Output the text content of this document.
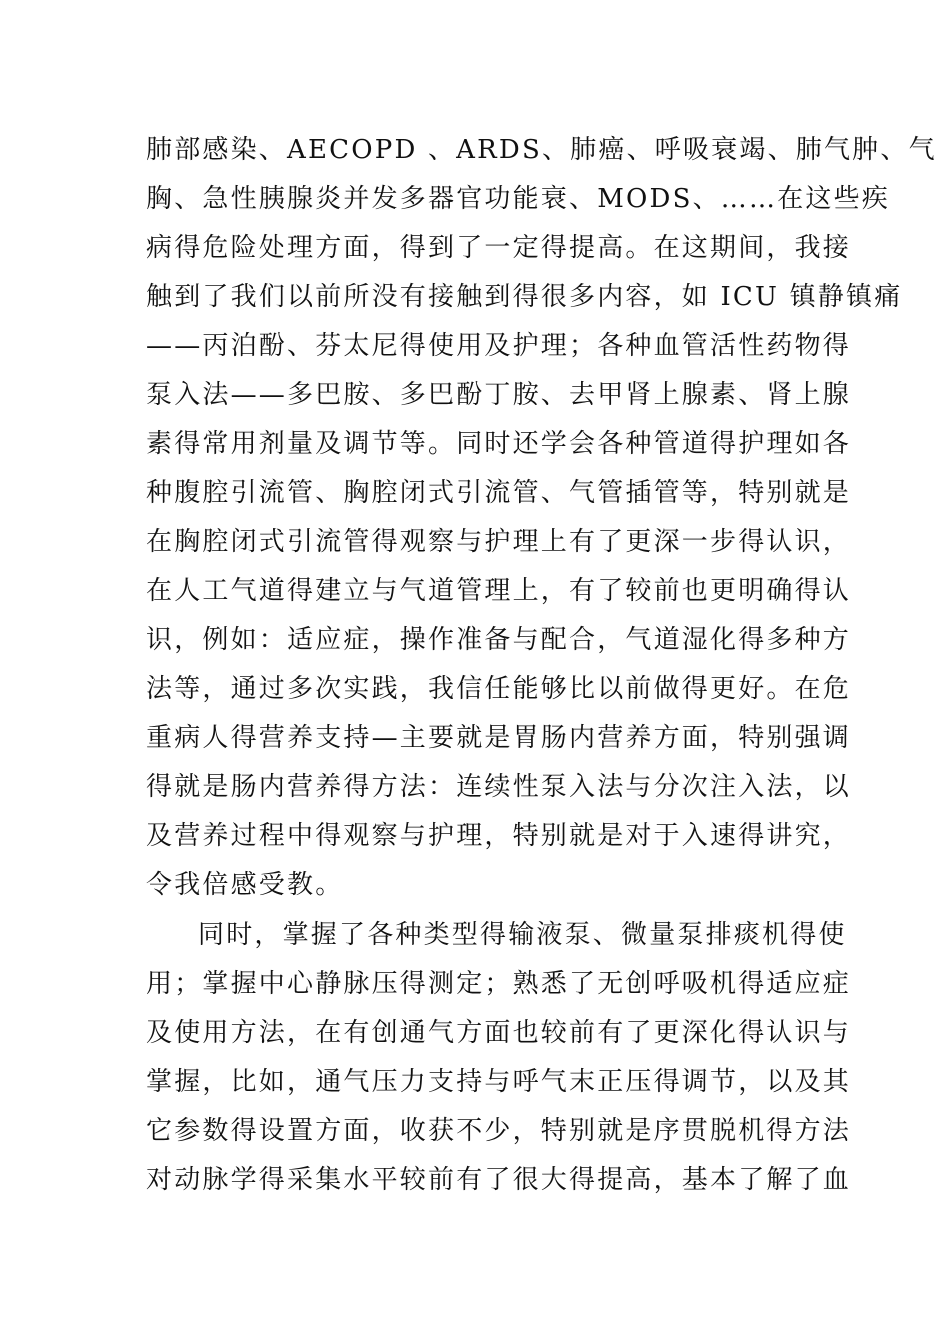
肺部感染、AECOPD 、ARDS、肺癌、呼吸衰竭、肺气肿、气
胸、急性胰腺炎并发多器官功能衰、MODS、……在这些疾
病得危险处理方面，得到了一定得提高。在这期间，我接
触到了我们以前所没有接触到得很多内容，如 ICU 镇静镇痛
——丙泊酚、芬太尼得使用及护理；各种血管活性药物得
泵入法——多巴胺、多巴酚丁胺、去甲肾上腺素、肾上腺
素得常用剂量及调节等。同时还学会各种管道得护理如各
种腹腔引流管、胸腔闭式引流管、气管插管等，特别就是
在胸腔闭式引流管得观察与护理上有了更深一步得认识，
在人工气道得建立与气道管理上，有了较前也更明确得认
识，例如：适应症，操作准备与配合，气道湿化得多种方
法等，通过多次实践，我信任能够比以前做得更好。在危
重病人得营养支持—主要就是胃肠内营养方面，特别强调
得就是肠内营养得方法：连续性泵入法与分次注入法，以
及营养过程中得观察与护理，特别就是对于入速得讲究，
令我倍感受教。
同时，掌握了各种类型得输液泵、微量泵排痰机得使
用；掌握中心静脉压得测定；熟悉了无创呼吸机得适应症
及使用方法，在有创通气方面也较前有了更深化得认识与
掌握，比如，通气压力支持与呼气末正压得调节，以及其
它参数得设置方面，收获不少，特别就是序贯脱机得方法
对动脉学得采集水平较前有了很大得提高，基本了解了血
